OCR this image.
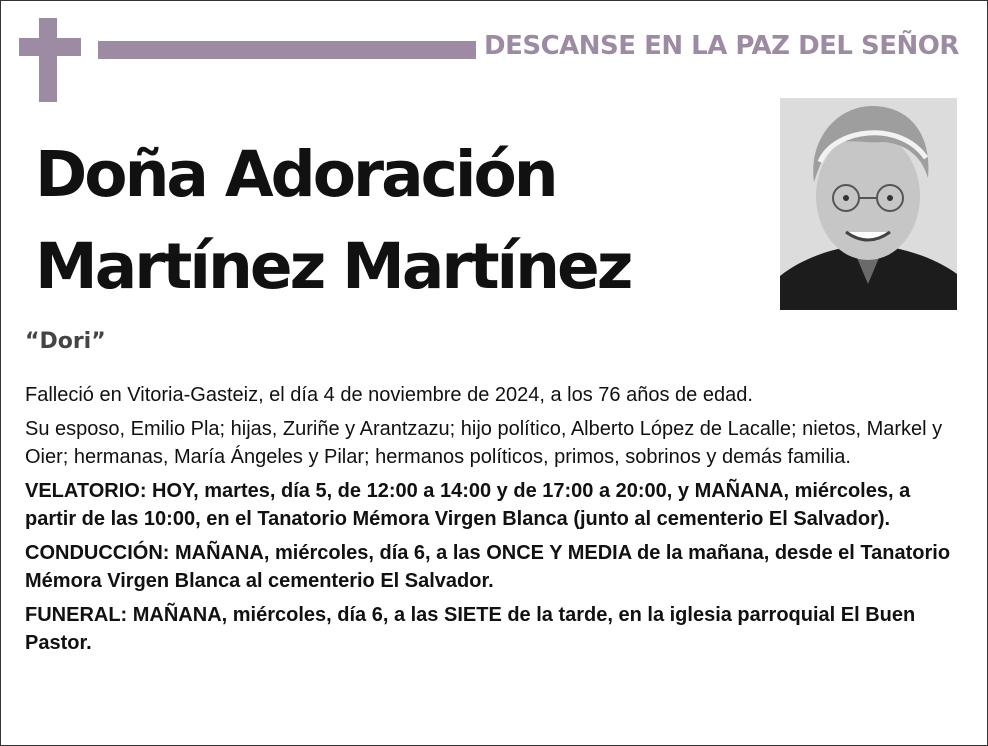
DESCANSE EN LA PAZ DEL SEÑOR
Doña Adoración
Martínez Martínez
“Dori”

Falleció en Vitoria-Gasteiz, el día 4 de noviembre de 2024, a los 76 años de edad.

Su esposo, Emilio Pla; hijas, Zuriñe y Arantzazu; hijo político, Alberto López de Lacalle; nietos, Markel y Oier; hermanas, María Ángeles y Pilar; hermanos políticos, primos, sobrinos y demás familia.

VELATORIO: HOY, martes, día 5, de 12:00 a 14:00 y de 17:00 a 20:00, y MAÑANA, miércoles, a partir de las 10:00, en el Tanatorio Mémora Virgen Blanca (junto al cementerio El Salvador).

CONDUCCIÓN: MAÑANA, miércoles, día 6, a las ONCE Y MEDIA de la mañana, desde el Tanatorio Mémora Virgen Blanca al cementerio El Salvador.

FUNERAL: MAÑANA, miércoles, día 6, a las SIETE de la tarde, en la iglesia parroquial El Buen Pastor.
